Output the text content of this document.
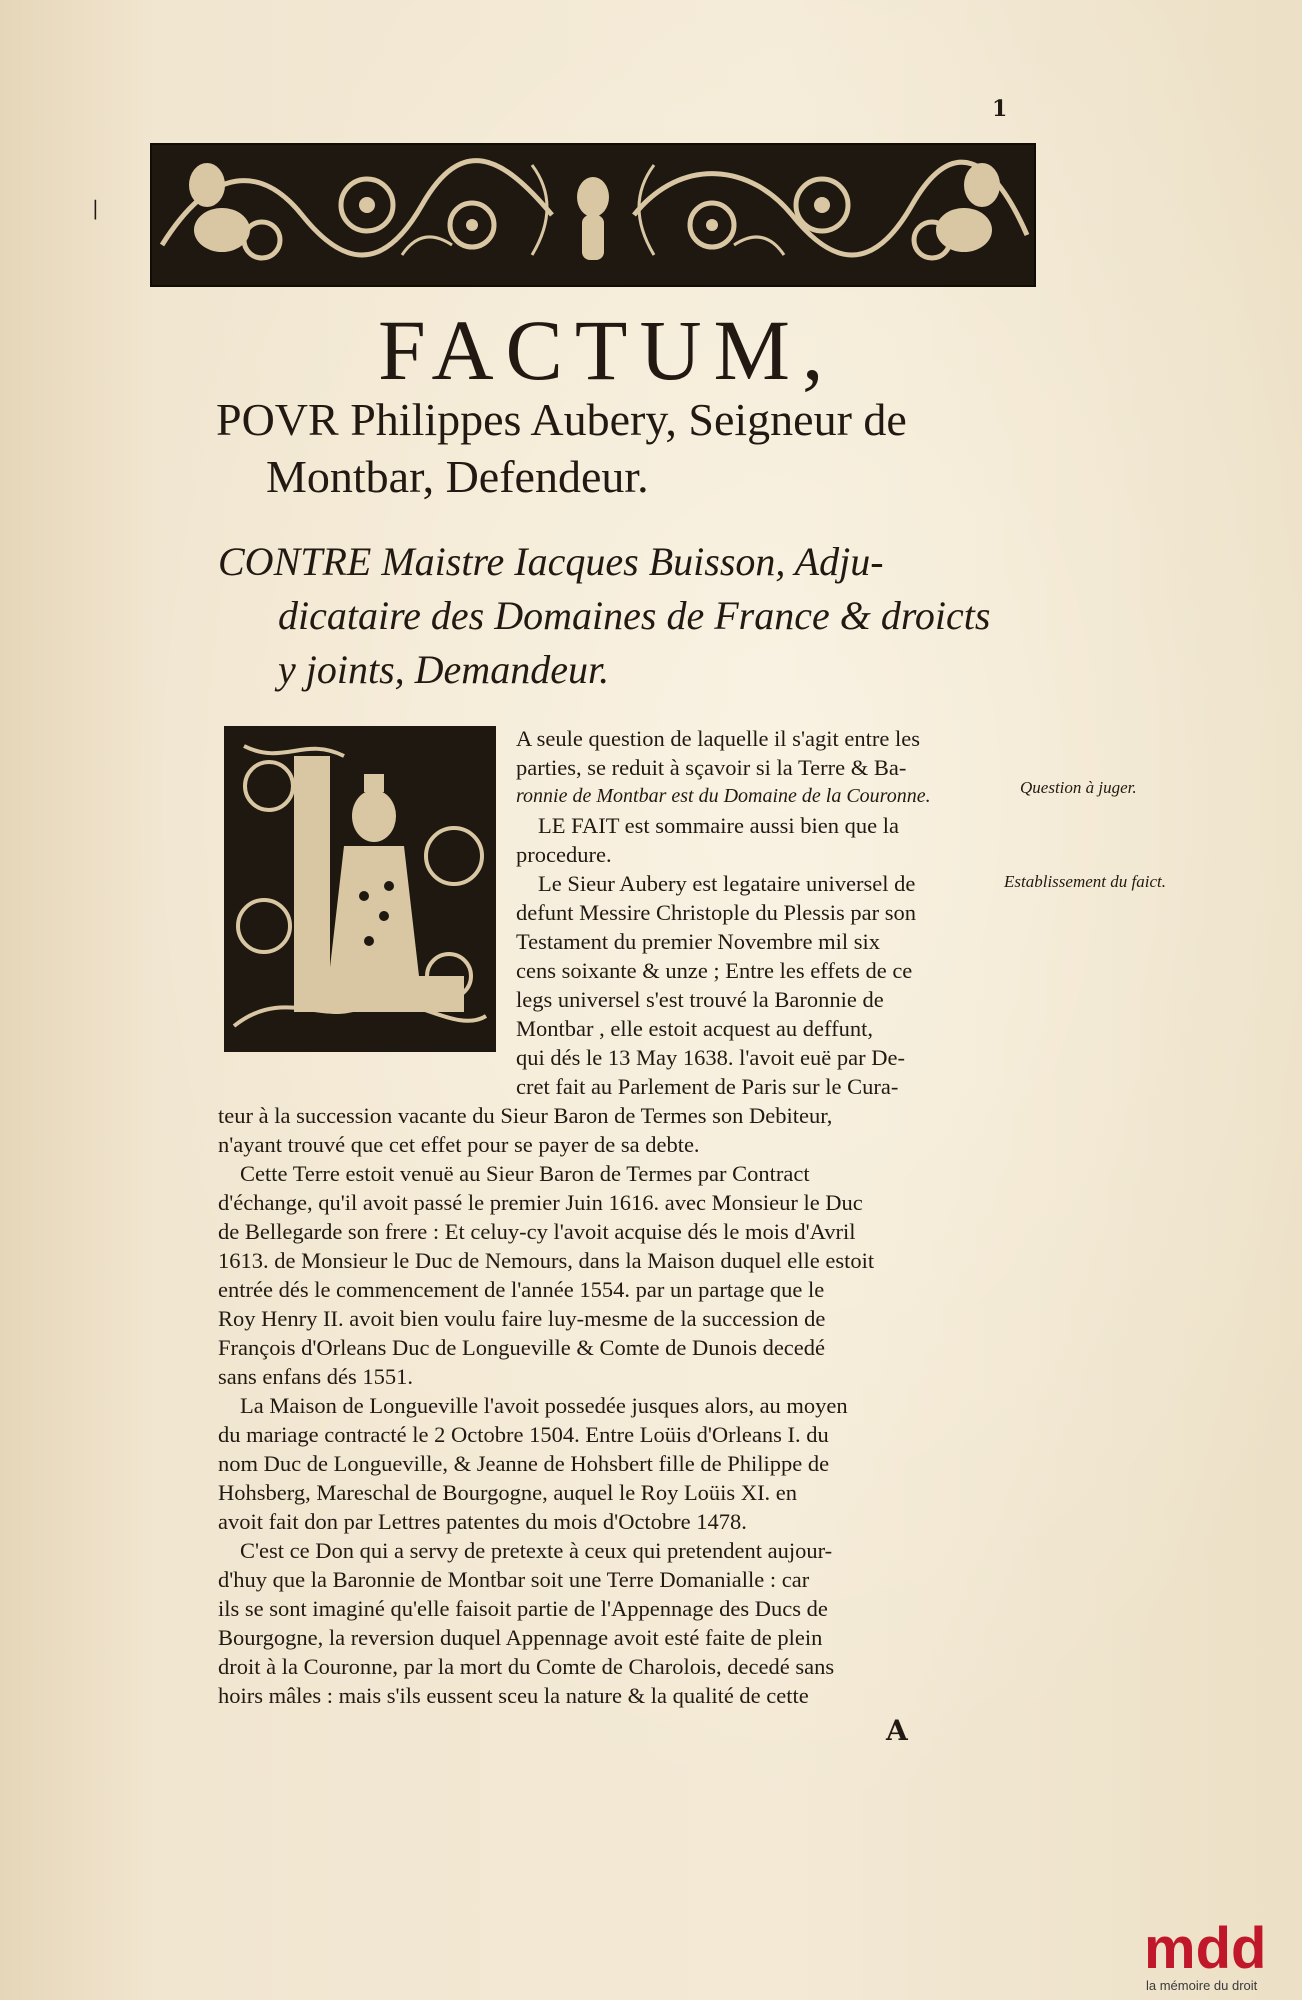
1
|
FACTUM,
POVR Philippes Aubery, Seigneur de
Montbar, Defendeur.
CONTRE Maistre Iacques Buisson, Adju-
dicataire des Domaines de France & droicts
y joints, Demandeur.
A seule question de laquelle il s'agit entre les
parties, se reduit à sçavoir si la Terre & Ba-
ronnie de Montbar est du Domaine de la Couronne.
LE FAIT est sommaire aussi bien que la
procedure.
Le Sieur Aubery est legataire universel de
defunt Messire Christople du Plessis par son
Testament du premier Novembre mil six
cens soixante & unze ; Entre les effets de ce
legs universel s'est trouvé la Baronnie de
Montbar , elle estoit acquest au deffunt,
qui dés le 13 May 1638. l'avoit euë par De-
cret fait au Parlement de Paris sur le Cura-
teur à la succession vacante du Sieur Baron de Termes son Debiteur,
n'ayant trouvé que cet effet pour se payer de sa debte.
Cette Terre estoit venuë au Sieur Baron de Termes par Contract
d'échange, qu'il avoit passé le premier Juin 1616. avec Monsieur le Duc
de Bellegarde son frere : Et celuy-cy l'avoit acquise dés le mois d'Avril
1613. de Monsieur le Duc de Nemours, dans la Maison duquel elle estoit
entrée dés le commencement de l'année 1554. par un partage que le
Roy Henry II. avoit bien voulu faire luy-mesme de la succession de
François d'Orleans Duc de Longueville & Comte de Dunois decedé
sans enfans dés 1551.
La Maison de Longueville l'avoit possedée jusques alors, au moyen
du mariage contracté le 2 Octobre 1504. Entre Loüis d'Orleans I. du
nom Duc de Longueville, & Jeanne de Hohsbert fille de Philippe de
Hohsberg, Mareschal de Bourgogne, auquel le Roy Loüis XI. en
avoit fait don par Lettres patentes du mois d'Octobre 1478.
C'est ce Don qui a servy de pretexte à ceux qui pretendent aujour-
d'huy que la Baronnie de Montbar soit une Terre Domanialle : car
ils se sont imaginé qu'elle faisoit partie de l'Appennage des Ducs de
Bourgogne, la reversion duquel Appennage avoit esté faite de plein
droit à la Couronne, par la mort du Comte de Charolois, decedé sans
hoirs mâles : mais s'ils eussent sceu la nature & la qualité de cette
A
Question à juger.
Establissement du faict.
mdd
la mémoire du droit
